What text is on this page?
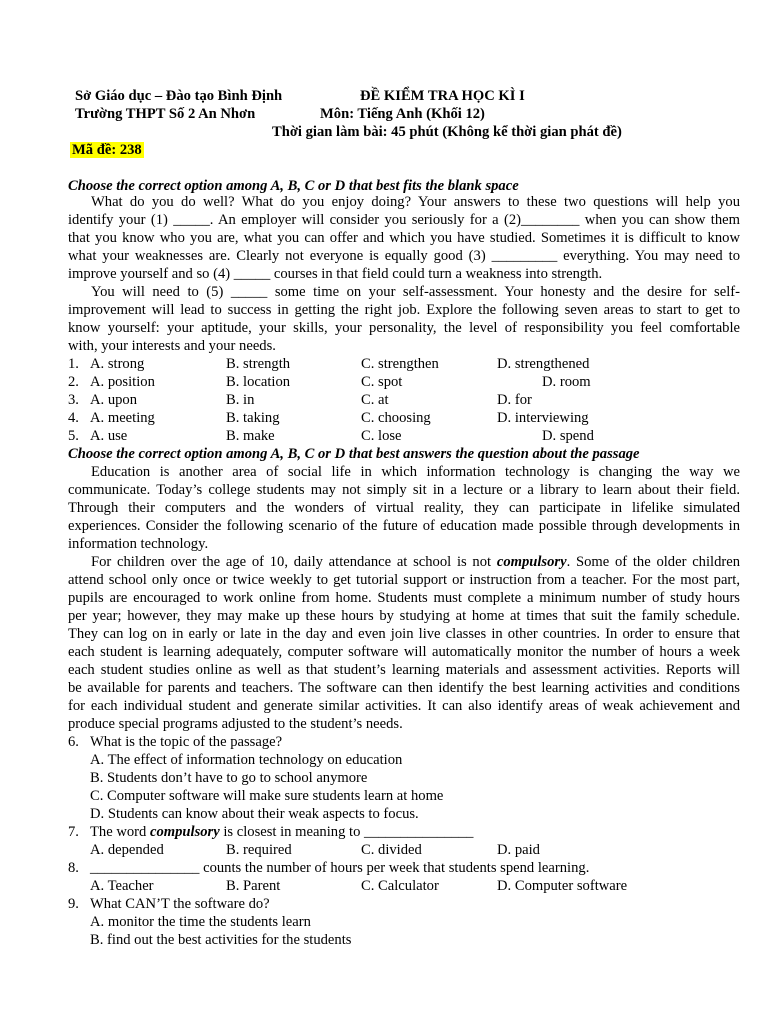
Sở Giáo dục – Đào tạo Bình Định	ĐỀ KIỂM TRA HỌC KÌ I
Trường THPT Số 2 An Nhơn	Môn: Tiếng Anh (Khối 12)
Thời gian làm bài: 45 phút (Không kể thời gian phát đề)
Mã đề: 238
Choose the correct option among A, B, C or D that best fits the blank space
What do you do well? What do you enjoy doing? Your answers to these two questions will help you
identify your (1) _____. An employer will consider you seriously for a (2)________ when you can show them
that you know who you are, what you can offer and which you have studied. Sometimes it is difficult to know
what your weaknesses are. Clearly not everyone is equally good (3) _________ everything. You may need to
improve yourself and so (4) _____ courses in that field could turn a weakness into strength.
You will need to (5) _____ some time on your self-assessment. Your honesty and the desire for self-
improvement will lead to success in getting the right job. Explore the following seven areas to start to get to
know yourself: your aptitude, your skills, your personality, the level of responsibility you feel comfortable
with, your interests and your needs.
1. A. strong	B. strength	C. strengthen	D. strengthened
2. A. position	B. location	C. spot	D. room
3. A. upon	B. in	C. at	D. for
4. A. meeting	B. taking	C. choosing	D. interviewing
5. A. use	B. make	C. lose	D. spend
Choose the correct option among A, B, C or D that best answers the question about the passage
Education is another area of social life in which information technology is changing the way we
communicate. Today’s college students may not simply sit in a lecture or a library to learn about their field.
Through their computers and the wonders of virtual reality, they can participate in lifelike simulated
experiences. Consider the following scenario of the future of education made possible through developments in
information technology.
For children over the age of 10, daily attendance at school is not compulsory. Some of the older children
attend school only once or twice weekly to get tutorial support or instruction from a teacher. For the most part,
pupils are encouraged to work online from home. Students must complete a minimum number of study hours
per year; however, they may make up these hours by studying at home at times that suit the family schedule.
They can log on in early or late in the day and even join live classes in other countries. In order to ensure that
each student is learning adequately, computer software will automatically monitor the number of hours a week
each student studies online as well as that student’s learning materials and assessment activities. Reports will
be available for parents and teachers. The software can then identify the best learning activities and conditions
for each individual student and generate similar activities. It can also identify areas of weak achievement and
produce special programs adjusted to the student’s needs.
6. What is the topic of the passage?
A. The effect of information technology on education
B. Students don’t have to go to school anymore
C. Computer software will make sure students learn at home
D. Students can know about their weak aspects to focus.
7. The word compulsory is closest in meaning to _______________
A. depended	B. required	C. divided	D. paid
8. _______________ counts the number of hours per week that students spend learning.
A. Teacher	B. Parent	C. Calculator	D. Computer software
9. What CAN’T the software do?
A. monitor the time the students learn
B. find out the best activities for the students
